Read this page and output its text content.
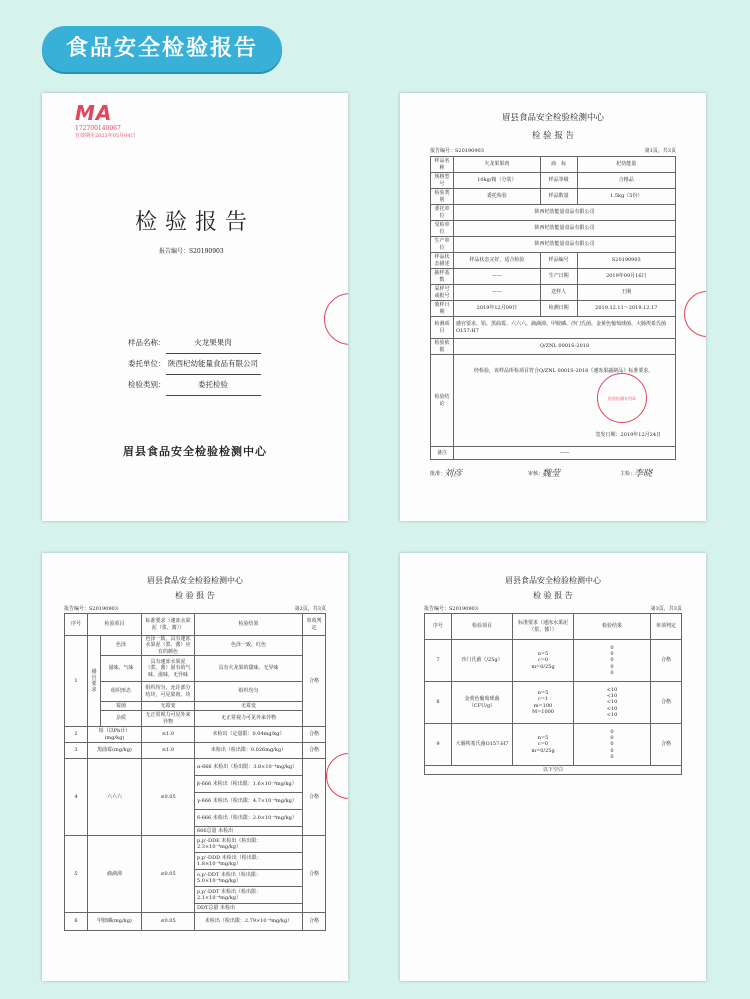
食品安全检验报告
MA
172700140067
有效期至2023年05月04日
检验报告
报告编号：S20190903
样品名称：	火龙果果肉
委托单位： 陕西杞幼能量食品有限公司
检验类别：	委托检验
眉县食品安全检验检测中心
眉县食品安全检验检测中心
检 验 报 告
报告编号：S20190903	第1页，共3页
样品名称	火龙果果肉	商　标	杞幼能量
规格型号	10kg/箱（分装）	样品等级	合格品
检验类别	委托检验	样品数量	1.5kg（5份）
委托单位	陕西杞幼能量食品有限公司		
受检单位	陕西杞幼能量食品有限公司		
生产单位	陕西杞幼能量食品有限公司		
样品状态描述	样品状态完好，适合检验	样品编号	S20190903
抽样基数	——	生产日期	2019年09月16日
采样号或批号	——	送样人	王刚
收样日期	2019年12月09日	检测日期	2019.12.11～2019.12.17
检测项目	感官要求、铅、黑曲霉、六六六、滴滴涕、甲胺磷、沙门氏菌、金黄色葡萄球菌、大肠埃希氏菌O157:H7		
检验依据	Q/ZNL 0001S-2018		
检验结论	经检验，该样品所检项目符合Q/ZNL 0001S-2018《速冻果蔬制品》标准要求。
签发日期：2019年12月24日
检验检测专用章		

备注	——		
批准：
刘彦	审核：
魏莹	主检：
李晓
眉县食品安全检验检测中心
检 验 报 告
报告编号：S20190903	第2页，共3页
序号	检验项目		标准要求（速冻水果泥（浆、酱））	检验结果	单项判定
1	感官要求	色泽	色泽一致，具有速冻水果泥（浆、酱）应有的颜色	色泽一致，红色	合格
		滋味、气味	具有速冻水果泥（浆、酱）固有的气味、滋味，无异味	具有火龙果的甜味，无异味	
		组织形态	组织均匀，允许部分结块，可见果肉、块	组织均匀	
		霉菌	无霉变	无霉变	
		杂质	无正常视力可见外来异物	无正常视力可见外来异物	
2	铅（以Pb计）(mg/kg)		≤1.0	未检出（定量限：0.04mg/kg）	合格
3	黑曲霉(mg/kg)		≤1.0	未检出（检出限：0.026mg/kg）	合格
4	六六六		≤0.05	α-666 未检出（检出限：3.8×10⁻⁴mg/kg）	合格
				β-666 未检出（检出限：1.6×10⁻⁴mg/kg）	
				γ-666 未检出（检出限：4.7×10⁻⁴mg/kg）	
				δ-666 未检出（检出限：2.0×10⁻⁴mg/kg）	
				666总量 未检出	
5	滴滴涕		≤0.05	p,p'-DDE 未检出（检出限：2.3×10⁻⁴mg/kg）	合格
				p,p'-DDD 未检出（检出限：1.8×10⁻⁴mg/kg）	
				o,p'-DDT 未检出（检出限：5.0×10⁻⁴mg/kg）	
				p,p'-DDT 未检出（检出限：2.1×10⁻⁴mg/kg）	
				DDT总量 未检出	
6	甲胺磷(mg/kg)		≤0.05	未检出（检出限：2.79×10⁻⁴mg/kg）	合格
眉县食品安全检验检测中心
检 验 报 告
报告编号：S20190903	第3页，共3页
序号	检验项目	标准要求（速冻水果泥（浆、酱））	检验结果	单项判定
7	沙门氏菌（/25g）	n=5
c=0
m=0/25g	0
0
0
0
0	合格
8	金黄色葡萄球菌（CFU/g）	n=5
c=1
m=100
M=1000	<10
<10
<10
<10
<10	合格
9	大肠埃希氏菌O157:H7	n=5
c=0
m=0/25g	0
0
0
0
0	合格
以下空白				
